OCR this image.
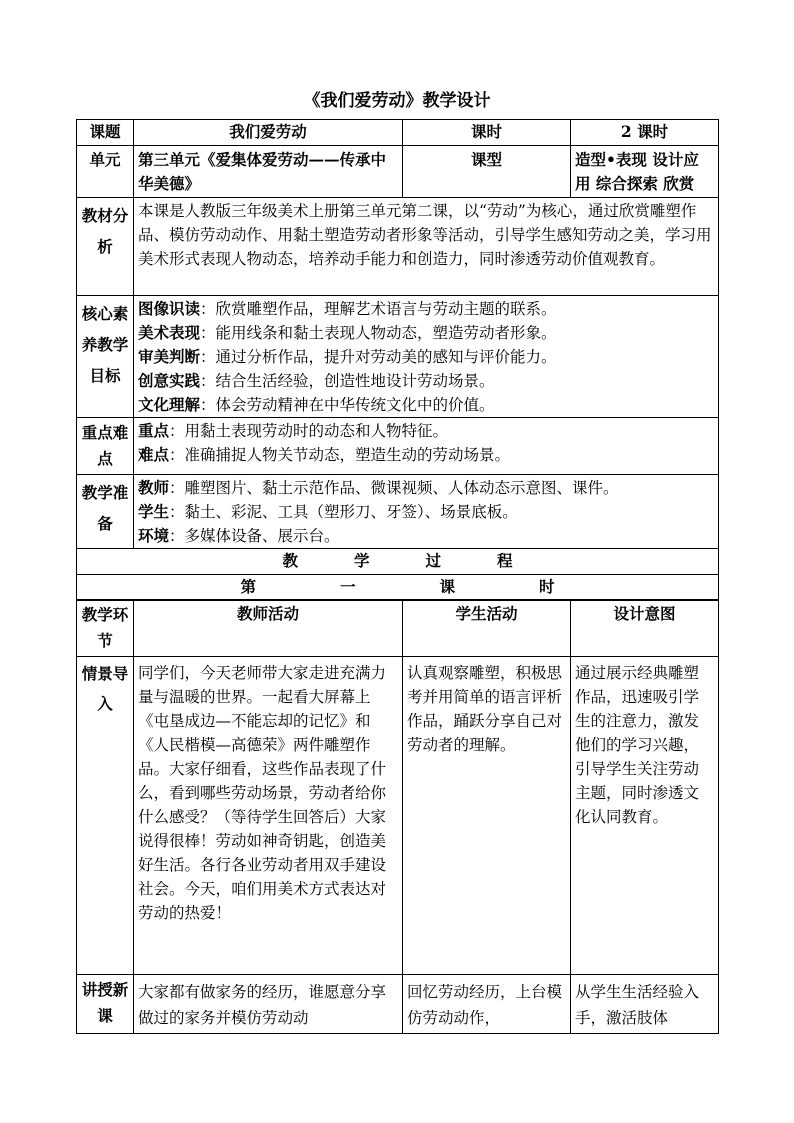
《我们爱劳动》教学设计
课题	我们爱劳动	课时	2 课时
单元	第三单元《爱集体爱劳动——传承中华美德》	课型	造型•表现 设计应用 综合探索 欣赏
教材分析	本课是人教版三年级美术上册第三单元第二课，以“劳动”为核心，通过欣赏雕塑作品、模仿劳动动作、用黏土塑造劳动者形象等活动，引导学生感知劳动之美，学习用美术形式表现人物动态，培养动手能力和创造力，同时渗透劳动价值观教育。		
核心素养教学目标	图像识读：欣赏雕塑作品，理解艺术语言与劳动主题的联系。
美术表现：能用线条和黏土表现人物动态，塑造劳动者形象。
审美判断：通过分析作品，提升对劳动美的感知与评价能力。
创意实践：结合生活经验，创造性地设计劳动场景。
文化理解：体会劳动精神在中华传统文化中的价值。		

重点难点	重点：用黏土表现劳动时的动态和人物特征。
难点：准确捕捉人物关节动态，塑造生动的劳动场景。		

教学准备	教师：雕塑图片、黏土示范作品、微课视频、人体动态示意图、课件。
学生：黏土、彩泥、工具（塑形刀、牙签）、场景底板。
环境：多媒体设备、展示台。		

教 学 过 程			
第 一 课 时			
教学环节	教师活动	学生活动	设计意图
情景导入	同学们，今天老师带大家走进充满力量与温暖的世界。一起看大屏幕上《屯垦成边—不能忘却的记忆》和《人民楷模—高德荣》两件雕塑作品。大家仔细看，这些作品表现了什么，看到哪些劳动场景，劳动者给你什么感受？（等待学生回答后）大家说得很棒！劳动如神奇钥匙，创造美好生活。各行各业劳动者用双手建设社会。今天，咱们用美术方式表达对劳动的热爱！	认真观察雕塑，积极思考并用简单的语言评析作品，踊跃分享自己对劳动者的理解。	通过展示经典雕塑作品，迅速吸引学生的注意力，激发他们的学习兴趣，引导学生关注劳动主题，同时渗透文化认同教育。
讲授新课	大家都有做家务的经历，谁愿意分享做过的家务并模仿劳动动	回忆劳动经历，上台模仿劳动动作，	从学生生活经验入手，激活肢体
